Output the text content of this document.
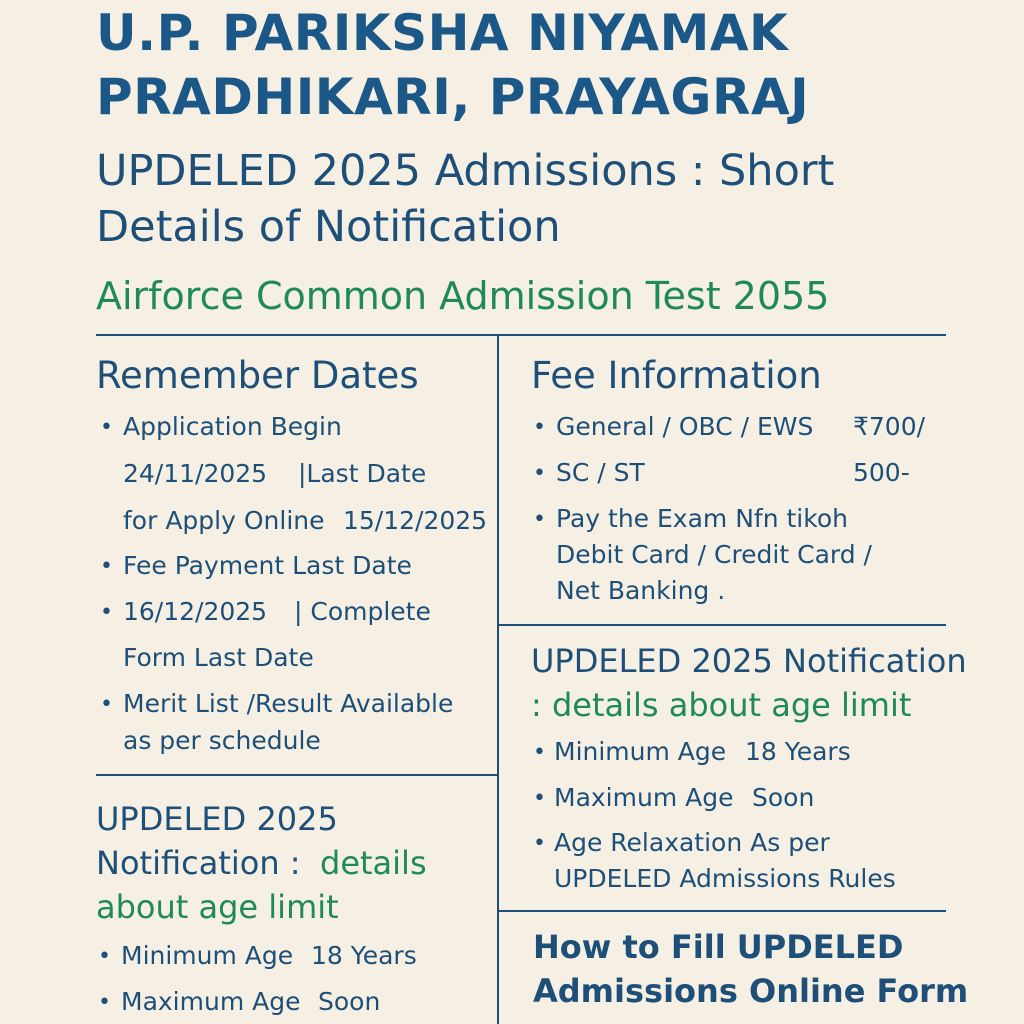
U.P. PARIKSHA NIYAMAK
PRADHIKARI, PRAYAGRAJ
UPDELED 2025 Admissions : Short
Details of Notification
Airforce Common Admission Test 2055
Remember Dates
• Application Begin
24/11/2025 |Last Date
for Apply Online 15/12/2025
• Fee Payment Last Date
• 16/12/2025 | Complete
Form Last Date
• Merit List /Result Available
as per schedule
UPDELED 2025
Notification : details
about age limit
• Minimum Age 18 Years
• Maximum Age Soon
Fee Information
• General / OBC / EWS ₹700/
• SC / ST	500-
• Pay the Exam Nfn tikoh
Debit Card / Credit Card /
Net Banking .
UPDELED 2025 Notification
: details about age limit
• Minimum Age 18 Years
• Maximum Age Soon
• Age Relaxation As per
UPDELED Admissions Rules
How to Fill UPDELED
Admissions Online Form
